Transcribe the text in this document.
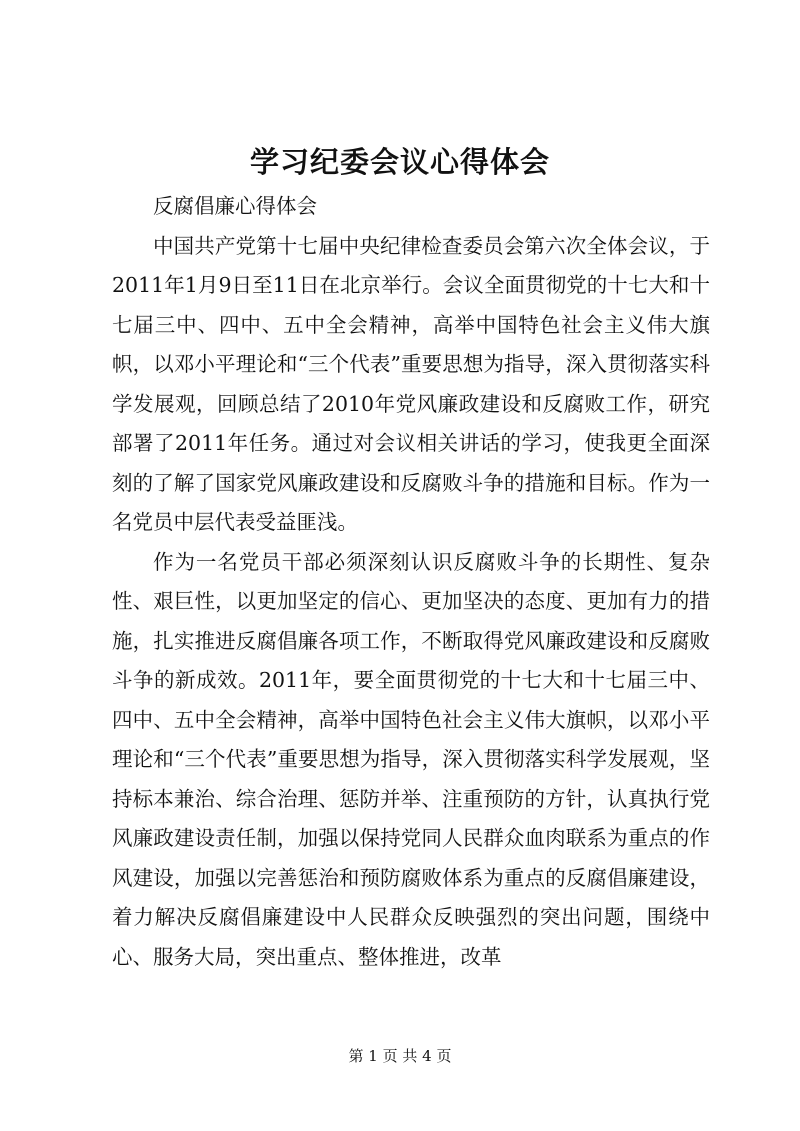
学习纪委会议心得体会

反腐倡廉心得体会

中国共产党第十七届中央纪律检查委员会第六次全体会议，于2011年1月9日至11日在北京举行。会议全面贯彻党的十七大和十七届三中、四中、五中全会精神，高举中国特色社会主义伟大旗帜，以邓小平理论和“三个代表”重要思想为指导，深入贯彻落实科学发展观，回顾总结了2010年党风廉政建设和反腐败工作，研究部署了2011年任务。通过对会议相关讲话的学习，使我更全面深刻的了解了国家党风廉政建设和反腐败斗争的措施和目标。作为一名党员中层代表受益匪浅。

作为一名党员干部必须深刻认识反腐败斗争的长期性、复杂性、艰巨性，以更加坚定的信心、更加坚决的态度、更加有力的措施，扎实推进反腐倡廉各项工作，不断取得党风廉政建设和反腐败斗争的新成效。2011年，要全面贯彻党的十七大和十七届三中、四中、五中全会精神，高举中国特色社会主义伟大旗帜，以邓小平理论和“三个代表”重要思想为指导，深入贯彻落实科学发展观，坚持标本兼治、综合治理、惩防并举、注重预防的方针，认真执行党风廉政建设责任制，加强以保持党同人民群众血肉联系为重点的作风建设，加强以完善惩治和预防腐败体系为重点的反腐倡廉建设，着力解决反腐倡廉建设中人民群众反映强烈的突出问题，围绕中心、服务大局，突出重点、整体推进，改革

第 1 页 共 4 页
